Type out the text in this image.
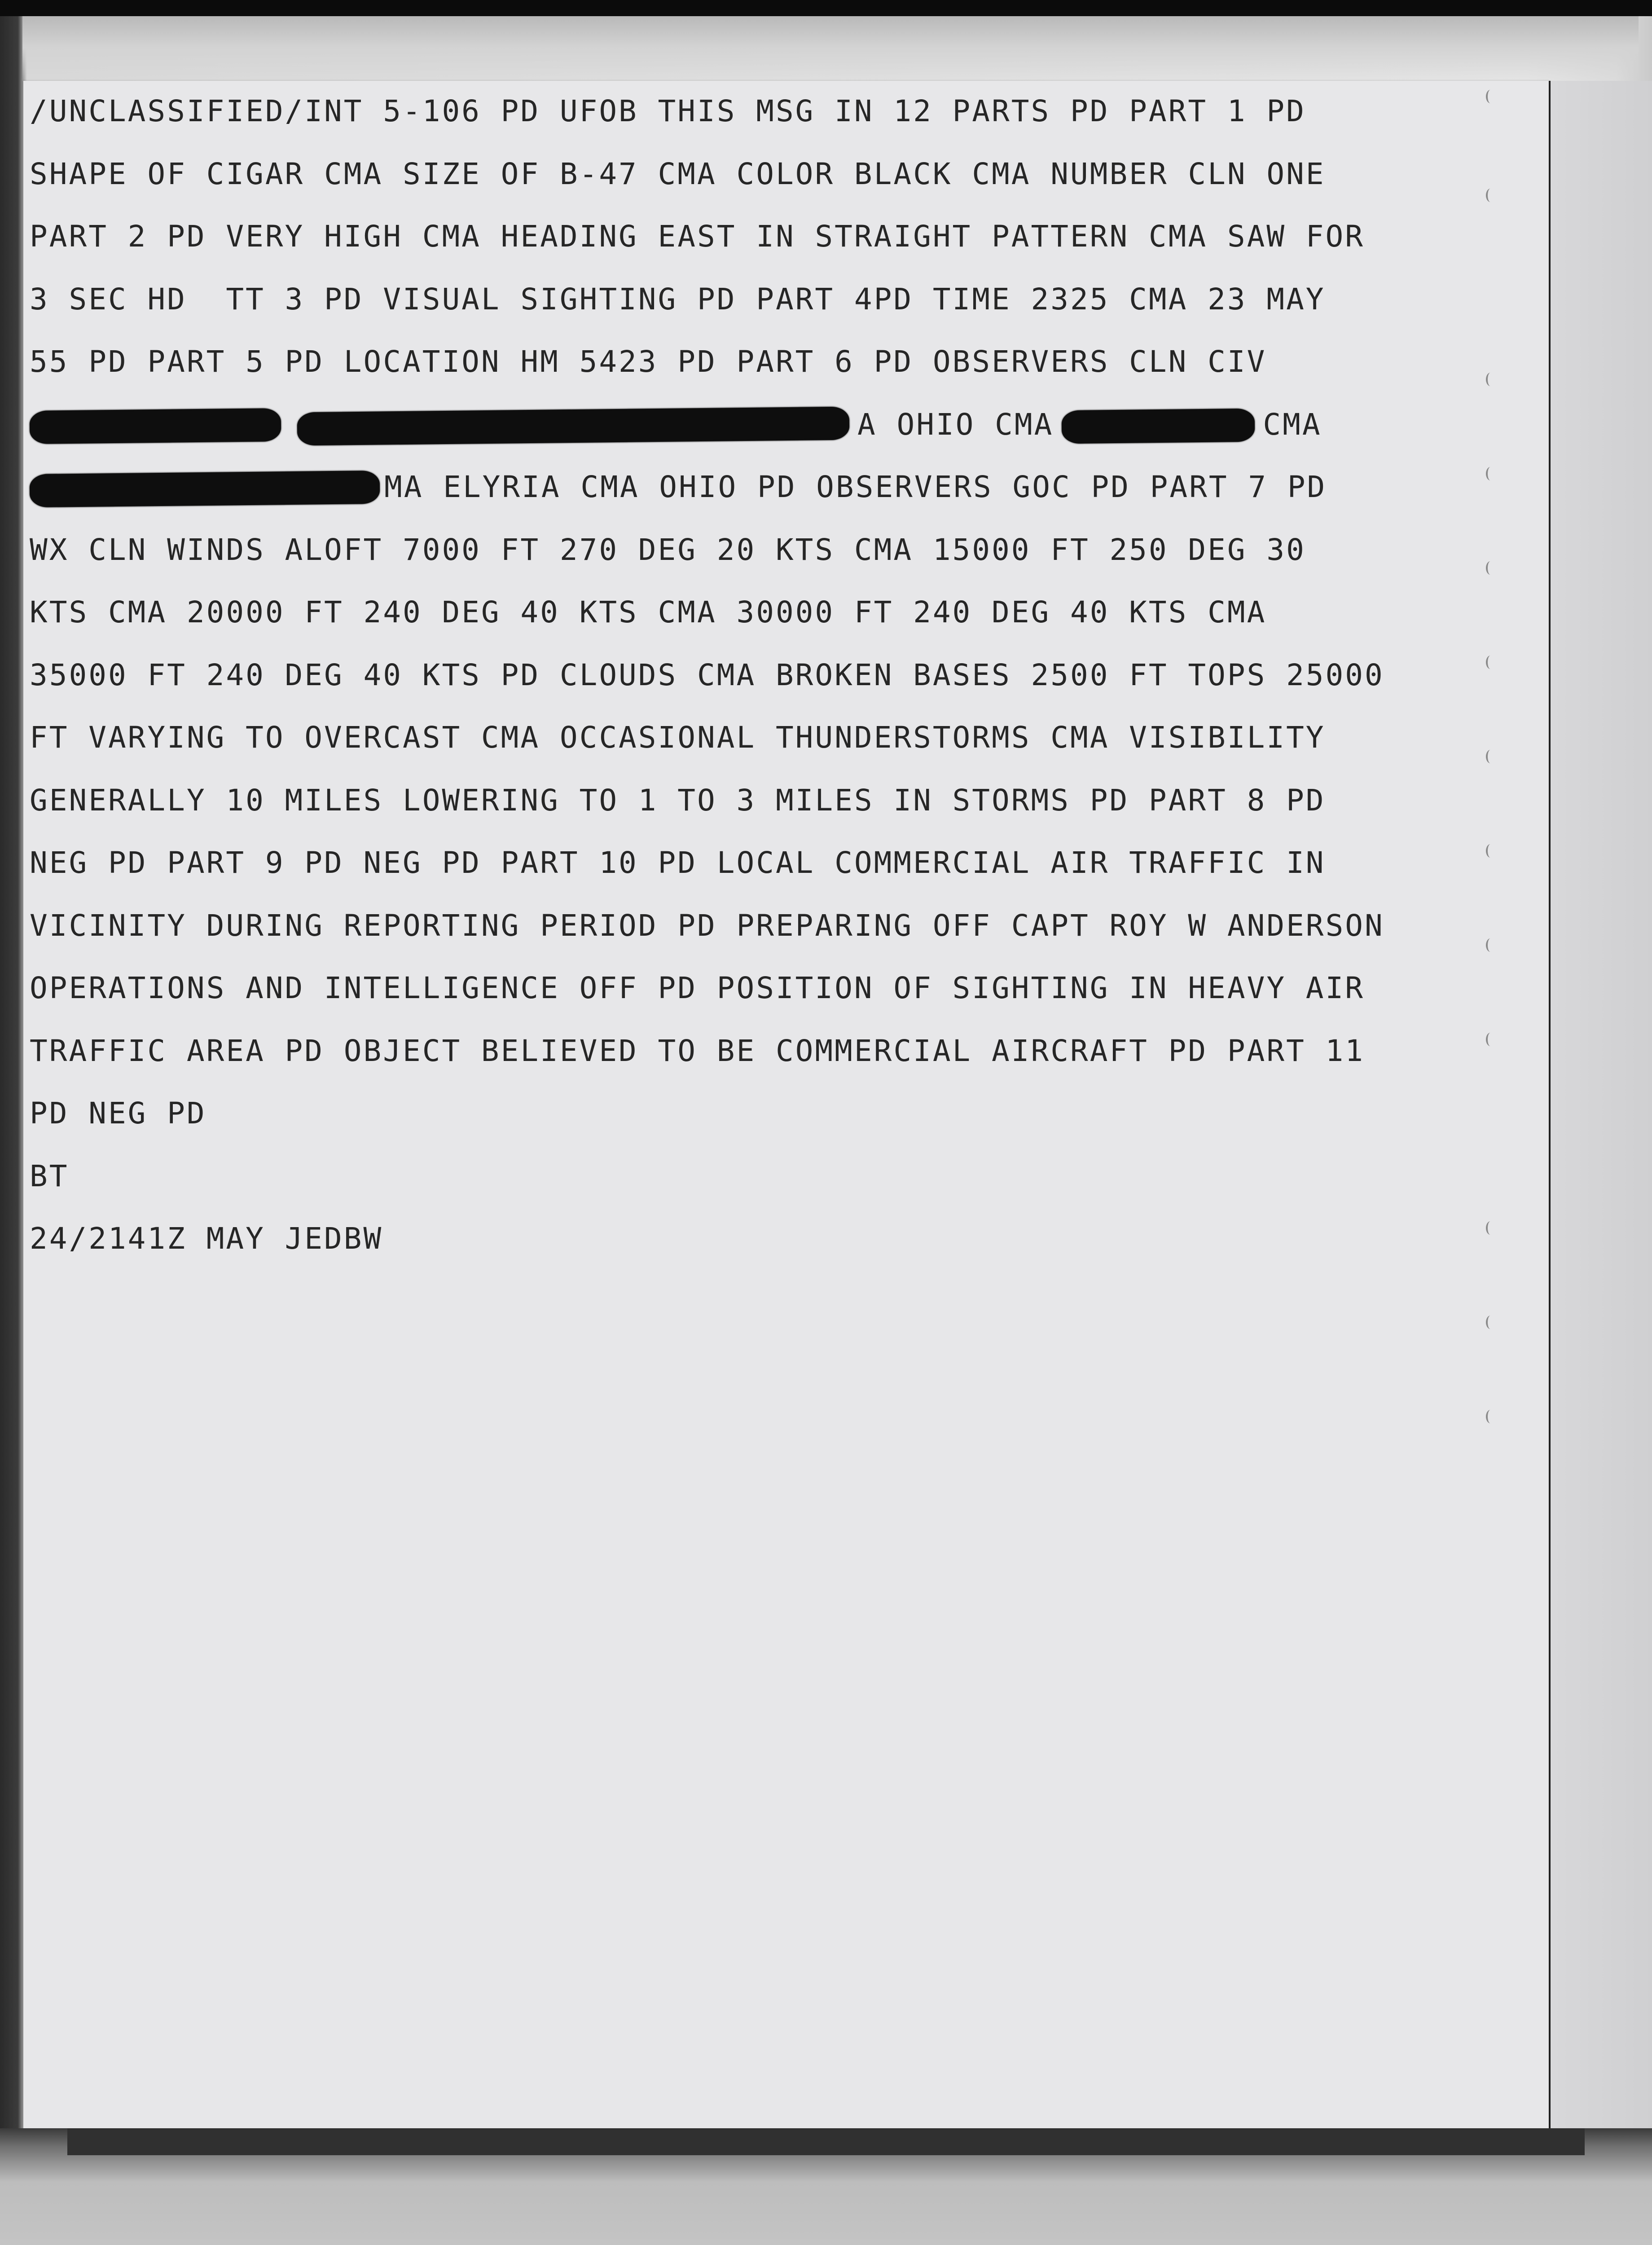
/UNCLASSIFIED/INT 5-106 PD UFOB THIS MSG IN 12 PARTS PD PART 1 PD
SHAPE OF CIGAR CMA SIZE OF B-47 CMA COLOR BLACK CMA NUMBER CLN ONE
PART 2 PD VERY HIGH CMA HEADING EAST IN STRAIGHT PATTERN CMA SAW FOR
3 SEC HD  TT 3 PD VISUAL SIGHTING PD PART 4PD TIME 2325 CMA 23 MAY
55 PD PART 5 PD LOCATION HM 5423 PD PART 6 PD OBSERVERS CLN CIV
A OHIO CMA	CMA
MA ELYRIA CMA OHIO PD OBSERVERS GOC PD PART 7 PD
WX CLN WINDS ALOFT 7000 FT 270 DEG 20 KTS CMA 15000 FT 250 DEG 30
KTS CMA 20000 FT 240 DEG 40 KTS CMA 30000 FT 240 DEG 40 KTS CMA
35000 FT 240 DEG 40 KTS PD CLOUDS CMA BROKEN BASES 2500 FT TOPS 25000
FT VARYING TO OVERCAST CMA OCCASIONAL THUNDERSTORMS CMA VISIBILITY
GENERALLY 10 MILES LOWERING TO 1 TO 3 MILES IN STORMS PD PART 8 PD
NEG PD PART 9 PD NEG PD PART 10 PD LOCAL COMMERCIAL AIR TRAFFIC IN
VICINITY DURING REPORTING PERIOD PD PREPARING OFF CAPT ROY W ANDERSON
OPERATIONS AND INTELLIGENCE OFF PD POSITION OF SIGHTING IN HEAVY AIR
TRAFFIC AREA PD OBJECT BELIEVED TO BE COMMERCIAL AIRCRAFT PD PART 11
PD NEG PD
BT
24/2141Z MAY JEDBW
